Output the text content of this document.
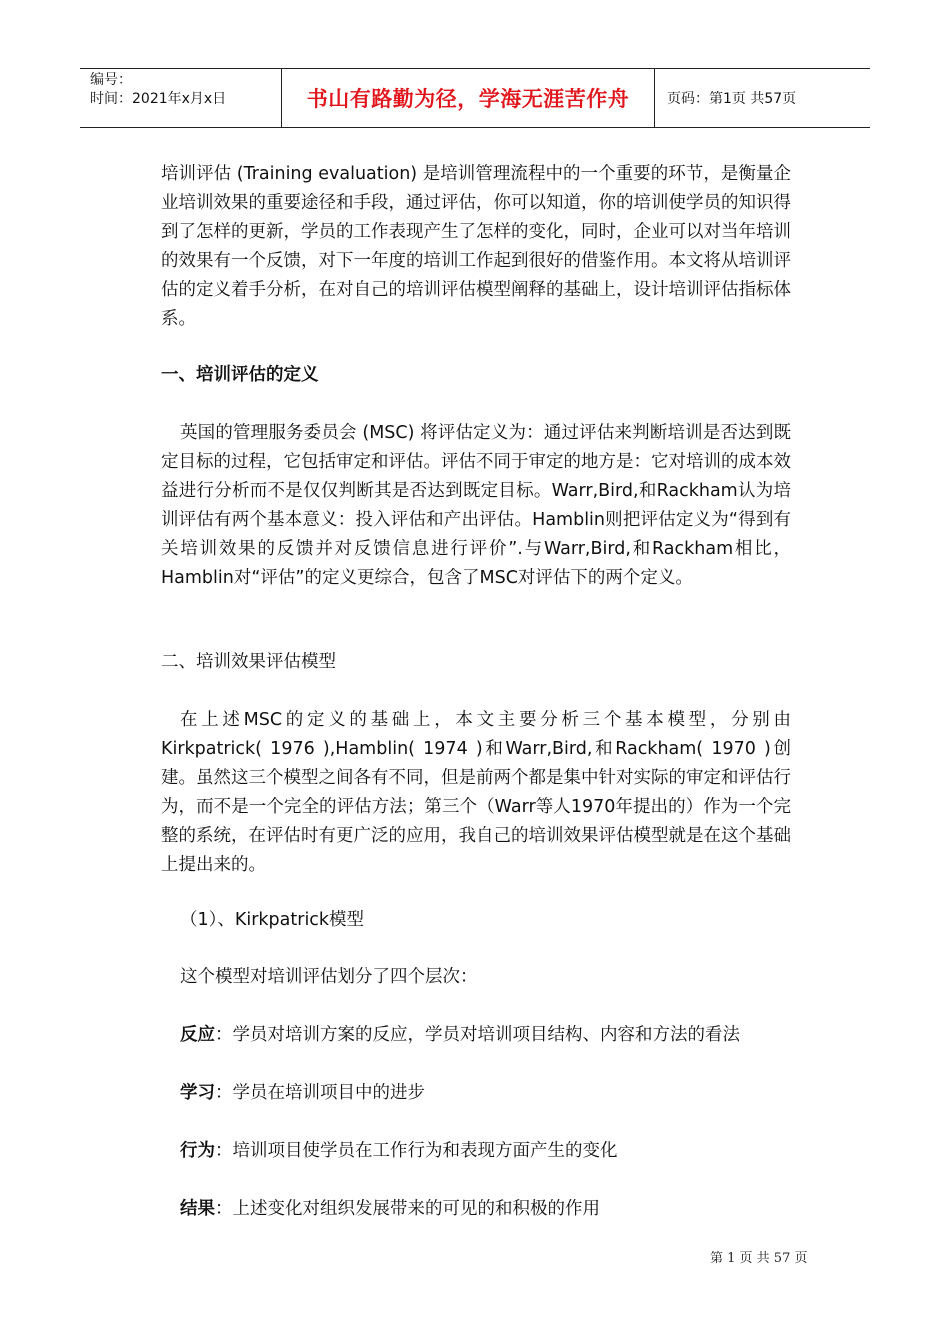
编号：
时间：2021年x月x日	书山有路勤为径，学海无涯苦作舟	页码：第1页 共57页

培训评估 (Training evaluation) 是培训管理流程中的一个重要的环节，是衡量企业培训效果的重要途径和手段，通过评估，你可以知道，你的培训使学员的知识得到了怎样的更新，学员的工作表现产生了怎样的变化，同时，企业可以对当年培训的效果有一个反馈，对下一年度的培训工作起到很好的借鉴作用。本文将从培训评估的定义着手分析，在对自己的培训评估模型阐释的基础上，设计培训评估指标体系。

一、培训评估的定义

英国的管理服务委员会 (MSC) 将评估定义为：通过评估来判断培训是否达到既定目标的过程，它包括审定和评估。评估不同于审定的地方是：它对培训的成本效益进行分析而不是仅仅判断其是否达到既定目标。Warr,Bird,和Rackham认为培训评估有两个基本意义：投入评估和产出评估。Hamblin则把评估定义为“得到有关培训效果的反馈并对反馈信息进行评价”.与Warr,Bird,和Rackham相比，Hamblin对“评估”的定义更综合，包含了MSC对评估下的两个定义。

二、培训效果评估模型

在上述MSC的定义的基础上，本文主要分析三个基本模型，分别由Kirkpatrick( 1976 ),Hamblin( 1974 )和Warr,Bird,和Rackham( 1970 )创建。虽然这三个模型之间各有不同，但是前两个都是集中针对实际的审定和评估行为，而不是一个完全的评估方法；第三个（Warr等人1970年提出的）作为一个完整的系统，在评估时有更广泛的应用，我自己的培训效果评估模型就是在这个基础上提出来的。

（1）、Kirkpatrick模型

这个模型对培训评估划分了四个层次：

反应：学员对培训方案的反应，学员对培训项目结构、内容和方法的看法

学习：学员在培训项目中的进步

行为：培训项目使学员在工作行为和表现方面产生的变化

结果：上述变化对组织发展带来的可见的和积极的作用

第 1 页 共 57 页
